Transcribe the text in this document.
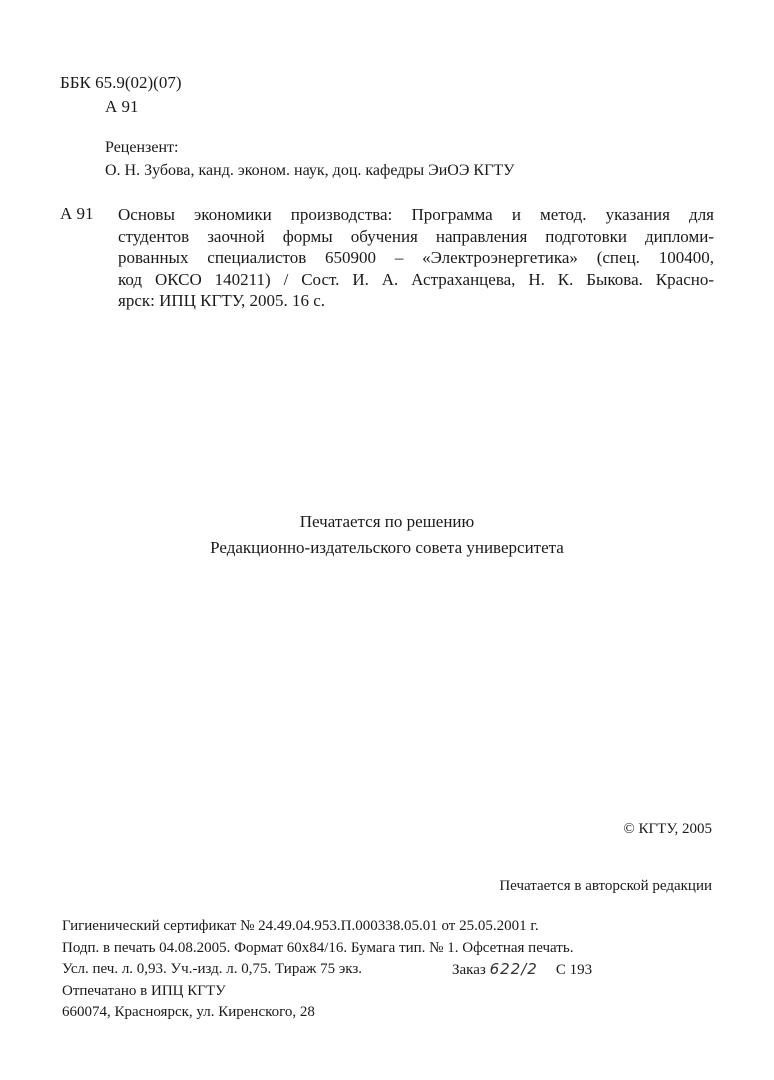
ББК 65.9(02)(07)
А 91
Рецензент:
О. Н. Зубова, канд. эконом. наук, доц. кафедры ЭиОЭ КГТУ
А 91 Основы экономики производства: Программа и метод. указания для
студентов заочной формы обучения направления подготовки дипломи-
рованных специалистов 650900 – «Электроэнергетика» (спец. 100400,
код ОКСО 140211) / Сост. И. А. Астраханцева, Н. К. Быкова. Красно-
ярск: ИПЦ КГТУ, 2005. 16 с.
Печатается по решению
Редакционно-издательского совета университета
© КГТУ, 2005
Печатается в авторской редакции
Гигиенический сертификат № 24.49.04.953.П.000338.05.01 от 25.05.2001 г.
Подп. в печать 04.08.2005. Формат 60х84/16. Бумага тип. № 1. Офсетная печать.
Усл. печ. л. 0,93. Уч.-изд. л. 0,75. Тираж 75 экз.	Заказ 622/2 С 193
Отпечатано в ИПЦ КГТУ
660074, Красноярск, ул. Киренского, 28
